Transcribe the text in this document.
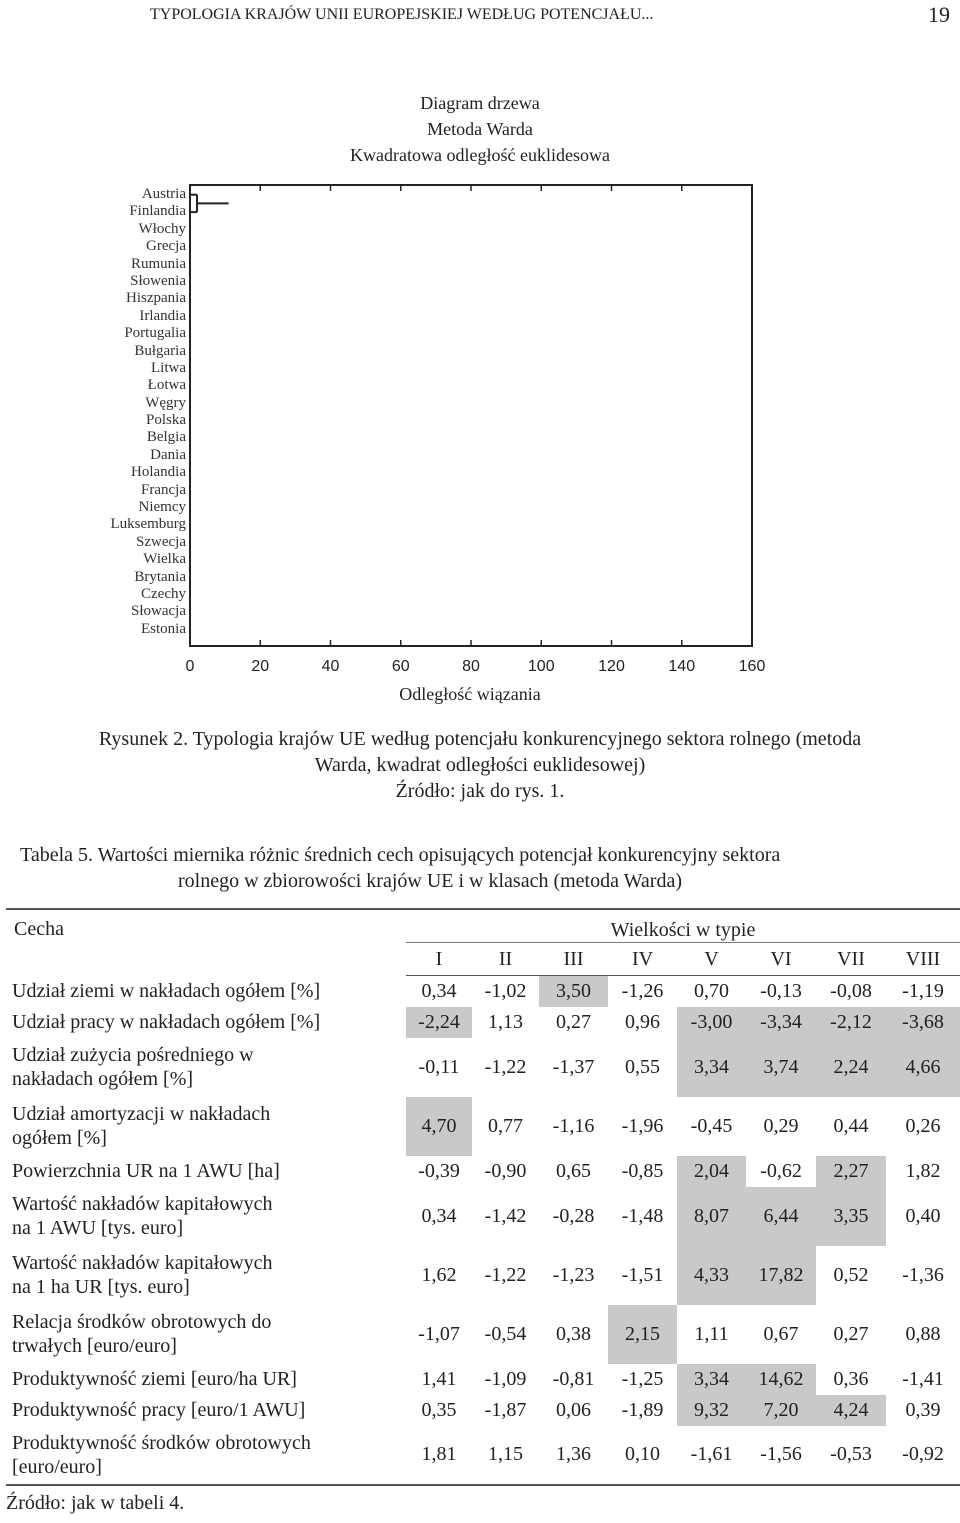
TYPOLOGIA KRAJÓW UNII EUROPEJSKIEJ WEDŁUG POTENCJAŁU...	19
Diagram drzewa
Metoda Warda
Kwadratowa odległość euklidesowa
Austria
Finlandia
Włochy
Grecja
Rumunia
Słowenia
Hiszpania
Irlandia
Portugalia
Bułgaria
Litwa
Łotwa
Węgry
Polska
Belgia
Dania
Holandia
Francja
Niemcy
Luksemburg
Szwecja
Wielka
Brytania
Czechy
Słowacja
Estonia
0	20	40	60	80	100	120	140	160
Odległość wiązania
Rysunek 2. Typologia krajów UE według potencjału konkurencyjnego sektora rolnego (metoda
Warda, kwadrat odległości euklidesowej)
Źródło: jak do rys. 1.
Tabela 5. Wartości miernika różnic średnich cech opisujących potencjał konkurencyjny sektora
rolnego w zbiorowości krajów UE i w klasach (metoda Warda)
Cecha	Wielkości w typie							
	I	II	III	IV	V	VI	VII	VIII

Udział ziemi w nakładach ogółem [%]	0,34	-1,02	3,50	-1,26	0,70	-0,13	-0,08	-1,19

Udział pracy w nakładach ogółem [%]	-2,24	1,13	0,27	0,96	-3,00	-3,34	-2,12	-3,68

Udział zużycia pośredniego w
nakładach ogółem [%]	-0,11	-1,22	-1,37	0,55	3,34	3,74	2,24	4,66

Udział amortyzacji w nakładach
ogółem [%]	4,70	0,77	-1,16	-1,96	-0,45	0,29	0,44	0,26

Powierzchnia UR na 1 AWU [ha]	-0,39	-0,90	0,65	-0,85	2,04	-0,62	2,27	1,82

Wartość nakładów kapitałowych
na 1 AWU [tys. euro]	0,34	-1,42	-0,28	-1,48	8,07	6,44	3,35	0,40

Wartość nakładów kapitałowych
na 1 ha UR [tys. euro]	1,62	-1,22	-1,23	-1,51	4,33	17,82	0,52	-1,36

Relacja środków obrotowych do
trwałych [euro/euro]	-1,07	-0,54	0,38	2,15	1,11	0,67	0,27	0,88

Produktywność ziemi [euro/ha UR]	1,41	-1,09	-0,81	-1,25	3,34	14,62	0,36	-1,41

Produktywność pracy [euro/1 AWU]	0,35	-1,87	0,06	-1,89	9,32	7,20	4,24	0,39

Produktywność środków obrotowych
[euro/euro]	1,81	1,15	1,36	0,10	-1,61	-1,56	-0,53	-0,92
Źródło: jak w tabeli 4.
